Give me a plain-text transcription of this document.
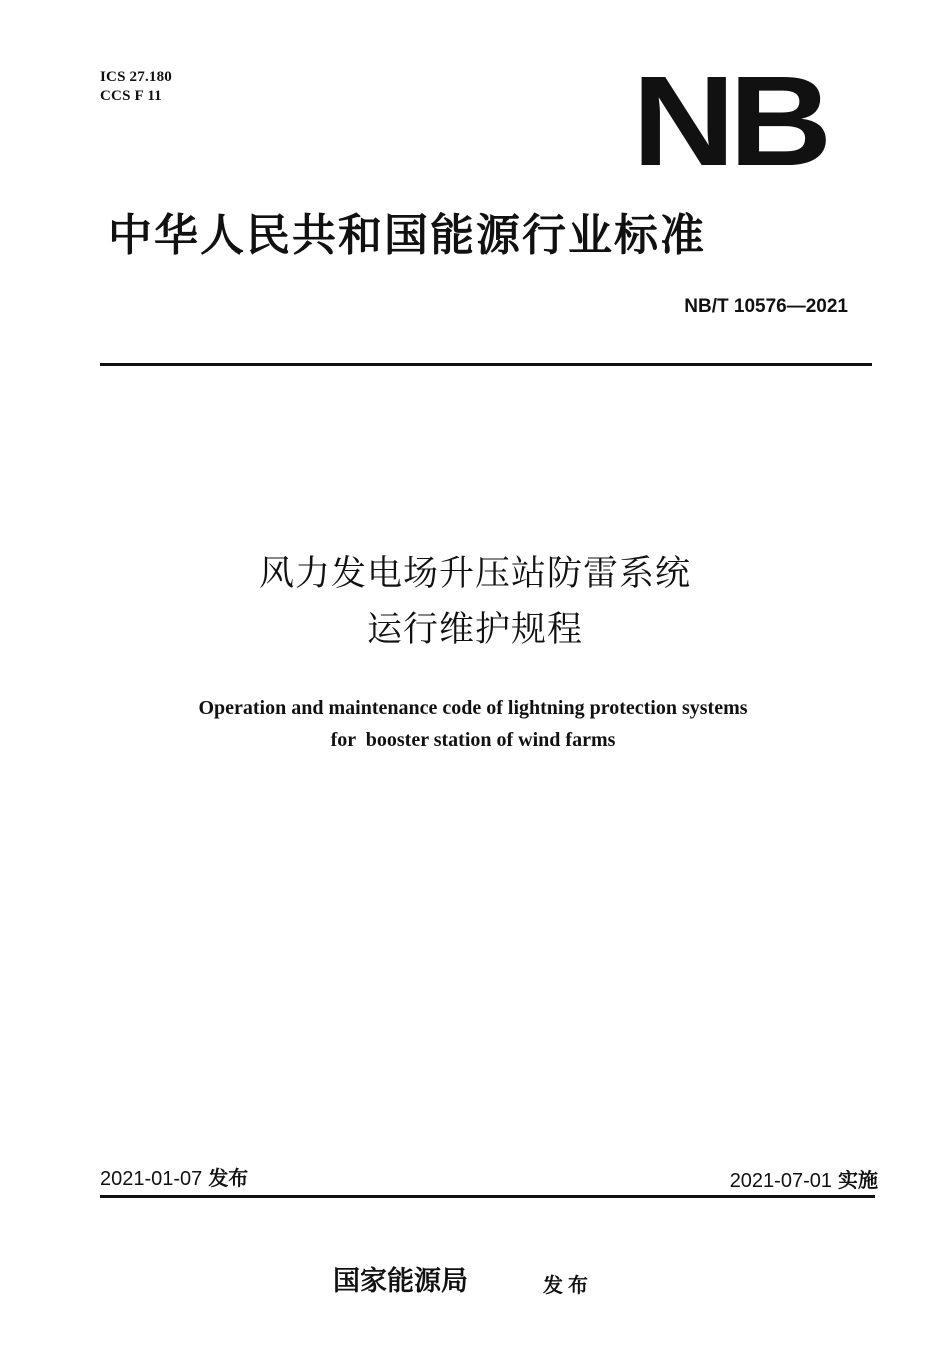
ICS 27.180
CCS F 11	NB
中华人民共和国能源行业标准
NB/T 10576—2021
风力发电场升压站防雷系统
运行维护规程
Operation and maintenance code of lightning protection systems
for  booster station of wind farms
2021-01-07 发布	2021-07-01 实施
国家能源局	发布
